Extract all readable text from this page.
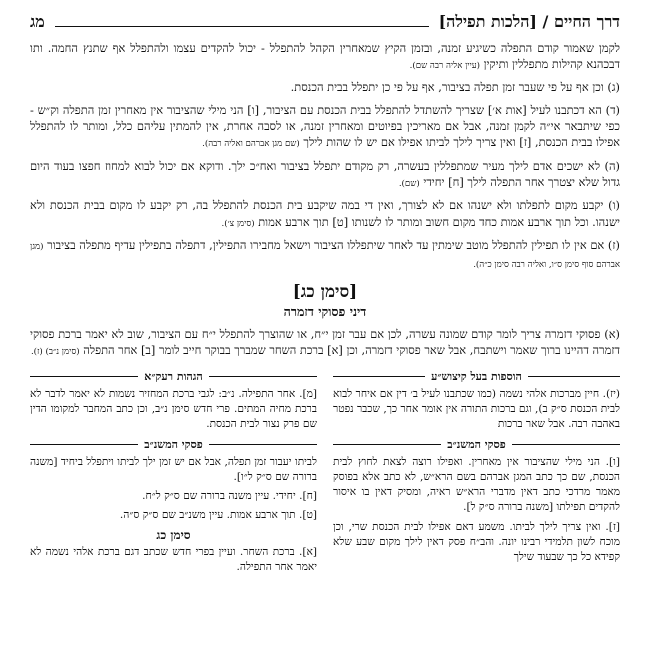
דרך החיים / [הלכות תפילה]
מג

לקמן שאמור קודם התפלה כשיגיע זמנה, ובזמן הקיץ שמאחרין הקהל להתפלל - יכול להקדים עצמו ולהתפלל אף שתנץ החמה. ותו דבכהנא קהילות מתפללין ותיקין (עיין אליה רבה שם).

(ג) וכן אף על פי שעבר זמן תפלה בציבור, אף על פי כן יתפלל בבית הכנסת.

(ד) הא דכתבנו לעיל [אות א׳] שצריך להשתדל להתפלל בבית הכנסת עם הציבור, [ו] הני מילי שהציבור אין מאחרין זמן התפלה וק״ש - כפי שיתבאר אי״ה לקמן זמנה, אבל אם מאריכין בפיוטים ומאחרין זמנה, או לסבה אחרת, אין להמתין עליהם כלל, ומותר לו להתפלל אפילו בבית הכנסת, [ז] ואין צריך לילך לביתו אפילו אם יש לו שהות לילך (שם מגן אברהם ואליה רבה).

(ה) לא ישכים אדם לילך מעיר שמתפללין בעשרה, רק מקודם יתפלל בציבור ואח״כ ילך. ודוקא אם יכול לבוא למחוז חפצו בעוד היום גדול שלא יצטרך אחר התפלה לילך [ח] יחידי (שם).

(ו) יקבע מקום לתפלתו ולא ישנהו אם לא לצורך, ואין די במה שיקבע בית הכנסת להתפלל בה, רק יקבע לו מקום בבית הכנסת ולא ישנהו. וכל תוך ארבע אמות כחד מקום חשוב ומותר לו לשנותו [ט] תוך ארבע אמות (סימן צ׳).

(ז) אם אין לו תפילין להתפלל מוטב שימתין עד לאחר שיתפללו הציבור וישאל מחבירו התפילין, דתפלה בתפילין עדיף מתפלה בציבור (מגן אברהם סוף סימן ס״ו, ואליה רבה סימן כ״ה).

[סימן כג]
דיני פסוקי דזמרה

(א) פסוקי דזמרה צריך לומר קודם שמונה עשרה, לכן אם עבר זמן י״ח, או שהוצרך להתפלל י״ח עם הציבור, שוב לא יאמר ברכת פסוקי דזמרה דהיינו ברוך שאמר וישתבח, אבל שאר פסוקי דזמרה, וכן [א] ברכת השחר שמברך בבוקר חייב לומר [ב] אחר התפלה (סימן נ״ב) (ז).

הוספות בעל קיצוש״ע

(יז). חיין מברכות אלהי נשמה (כמו שכתבנו לעיל ב׳ דין אם איחר לבוא לבית הכנסת ס״ק ב), וגם ברכות התורה אין אומר אחר כך, שכבר נפטר באהבה רבה. אבל שאר ברכות

פסקי המשנ״ב

[ו]. הני מילי שהציבור אין מאחרין. ואפילו רוצה לצאת לחוץ לבית הכנסת, שם כך כתב המגן אברהם בשם הרא״ש, לא כתב אלא בפוסק מאמר מרדכי כתב דאין מדברי הרא״ש ראיה, ומסיק דאין בו איסור להקדים תפילתו [משנה ברורה ס״ק ל].

[ז]. ואין צריך לילך לביתו. משמע דאם אפילו לבית הכנסת שרי, וכן מוכח לשון תלמידי רבינו יונה. והב״ח פסק דאין לילך מקום שבע שלא קפידא כל כך שבעוד שילך

הגהות רעק״א

[מ]. אחר התפילה. נ״ב: לגבי ברכת המחזיר נשמות לא יאמר לדבר לא ברכת מחיה המתים. פרי חדש סימן נ״ב, וכן כתב המחבר למקומו הדין שם פרק נצור לבית הכנסת.

פסקי המשנ״ב

לביתו יעבור זמן תפלה, אבל אם יש זמן ילך לביתו ויתפלל ביחיד [משנה ברורה שם ס״ק ל״ו].

[ח]. יחידי. עיין משנה ברורה שם ס״ק ל״ח.

[ט]. תוך ארבע אמות. עיין משנ״ב שם ס״ק ס״ה.

סימן כג

[א]. ברכת השחר. ועיין בפרי חדש שכתב דגם ברכת אלהי נשמה לא יאמר אחר התפילה.
